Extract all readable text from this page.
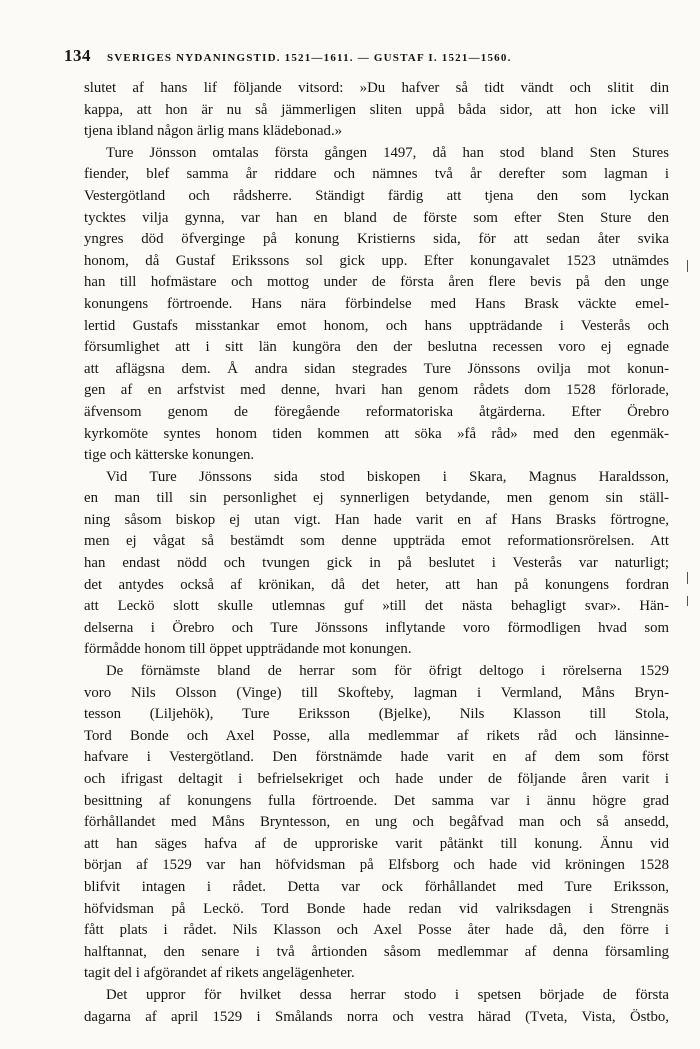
134 SVERIGES NYDANINGSTID. 1521—1611. — GUSTAF I. 1521—1560.
slutet af hans lif följande vitsord: »Du hafver så tidt vändt och slitit din
kappa, att hon är nu så jämmerligen sliten uppå båda sidor, att hon icke vill
tjena ibland någon ärlig mans klädebonad.»
Ture Jönsson omtalas första gången 1497, då han stod bland Sten Stures
fiender, blef samma år riddare och nämnes två år derefter som lagman i
Vestergötland och rådsherre. Ständigt färdig att tjena den som lyckan
tycktes vilja gynna, var han en bland de förste som efter Sten Sture den
yngres död öfverginge på konung Kristierns sida, för att sedan åter svika
honom, då Gustaf Erikssons sol gick upp. Efter konungavalet 1523 utnämdes
han till hofmästare och mottog under de första åren flere bevis på den unge
konungens förtroende. Hans nära förbindelse med Hans Brask väckte emel-
lertid Gustafs misstankar emot honom, och hans uppträdande i Vesterås och
försumlighet att i sitt län kungöra den der beslutna recessen voro ej egnade
att aflägsna dem. Å andra sidan stegrades Ture Jönssons ovilja mot konun-
gen af en arfstvist med denne, hvari han genom rådets dom 1528 förlorade,
äfvensom genom de föregående reformatoriska åtgärderna. Efter Örebro
kyrkomöte syntes honom tiden kommen att söka »få råd» med den egenmäk-
tige och kätterske konungen.
Vid Ture Jönssons sida stod biskopen i Skara, Magnus Haraldsson,
en man till sin personlighet ej synnerligen betydande, men genom sin ställ-
ning såsom biskop ej utan vigt. Han hade varit en af Hans Brasks förtrogne,
men ej vågat så bestämdt som denne uppträda emot reformationsrörelsen. Att
han endast nödd och tvungen gick in på beslutet i Vesterås var naturligt;
det antydes också af krönikan, då det heter, att han på konungens fordran
att Leckö slott skulle utlemnas guf »till det nästa behagligt svar». Hän-
delserna i Örebro och Ture Jönssons inflytande voro förmodligen hvad som
förmådde honom till öppet uppträdande mot konungen.
De förnämste bland de herrar som för öfrigt deltogo i rörelserna 1529
voro Nils Olsson (Vinge) till Skofteby, lagman i Vermland, Måns Bryn-
tesson (Liljehök), Ture Eriksson (Bjelke), Nils Klasson till Stola,
Tord Bonde och Axel Posse, alla medlemmar af rikets råd och länsinne-
hafvare i Vestergötland. Den förstnämde hade varit en af dem som först
och ifrigast deltagit i befrielsekriget och hade under de följande åren varit i
besittning af konungens fulla förtroende. Det samma var i ännu högre grad
förhållandet med Måns Bryntesson, en ung och begåfvad man och så ansedd,
att han säges hafva af de upproriske varit påtänkt till konung. Ännu vid
början af 1529 var han höfvidsman på Elfsborg och hade vid kröningen 1528
blifvit intagen i rådet. Detta var ock förhållandet med Ture Eriksson,
höfvidsman på Leckö. Tord Bonde hade redan vid valriksdagen i Strengnäs
fått plats i rådet. Nils Klasson och Axel Posse åter hade då, den förre i
halftannat, den senare i två årtionden såsom medlemmar af denna församling
tagit del i afgörandet af rikets angelägenheter.
Det uppror för hvilket dessa herrar stodo i spetsen började de första
dagarna af april 1529 i Smålands norra och vestra härad (Tveta, Vista, Östbo,
